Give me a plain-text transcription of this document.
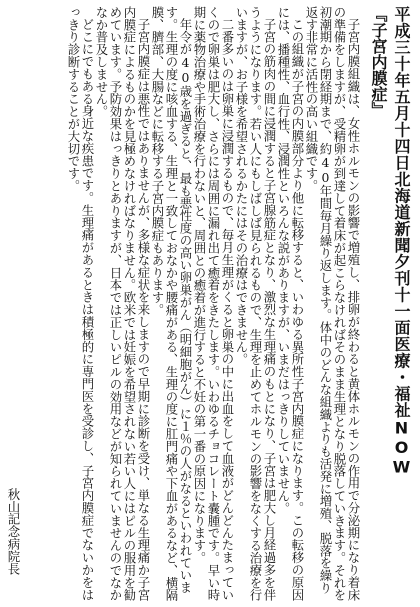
平成三十年五月十四日北海道新聞夕刊十一面医療・福祉NOW
『子宮内膜症』

子宮内膜組織は、女性ホルモンの影響で増殖し、排卵が終わると黄体ホルモンの作用で分泌期になり着床の準備をしますが、受精卵が到達して着床が起こらなければそのまま生理となり脱落していきます。それを初潮期から閉経期まで、約40年間毎月繰り返します。体中のどんな組織よりも活発に増殖、脱落を繰り返す非常に活性の高い組織です。

この組織が子宮の内膜部分より他に転移すると、いわゆる異所性子宮内膜症になります。この転移の原因には、播種性、血行性、浸潤性といろんな説がありますが、いまだはっきりしていません。

子宮の筋肉の間に浸潤すると子宮腺筋症となり、激烈な生理痛のもとになり、子宮は肥大し月経過多を伴うようになります。若い人にもしばしば見られるもので、生理を止めてホルモンの影響をなくする治療を行いますが、お子様を希望されるかたにはその治療はできません。

二番多いのは卵巣に浸潤するもので、毎月生理がくると卵巣の中に出血をして血液がどんどんたまっていくので卵巣は肥大し、さらには周囲に漏れ出て癒着をきたします。いわゆるチョコレート嚢腫です。早い時期に薬物治療や手術治療を行わないと、周囲との癒着が進行すると不妊の第一番の原因になります。

年令が40歳を過ぎると、最も悪性度の高い卵巣がん（明細胞がん）に１％の人がなるといわれています。生理の度に咳血する、生理と一致しておなかや腰痛がある、生理の度に肛門痛や下血があるなど、横隔膜、臍部、大腸などに転移する子宮内膜症もあります。

子宮内膜症は悪性ではありませんが、多様な症状を来しますので早期に診断を受け、単なる生理痛か子宮内膜症によるものかを見極めなければなりません。欧米では妊娠を希望されない若い人にはピルの服用を勧めています。予防効果はっきりとありますが、日本では正しいピルの効用などが知られていませんのでなかなか普及しません。

どこにでもある身近な疾患です。生理痛があるときは積極的に専門医を受診し、子宮内膜症でないかをはっきり診断することが大切です。

秋山記念病院長
